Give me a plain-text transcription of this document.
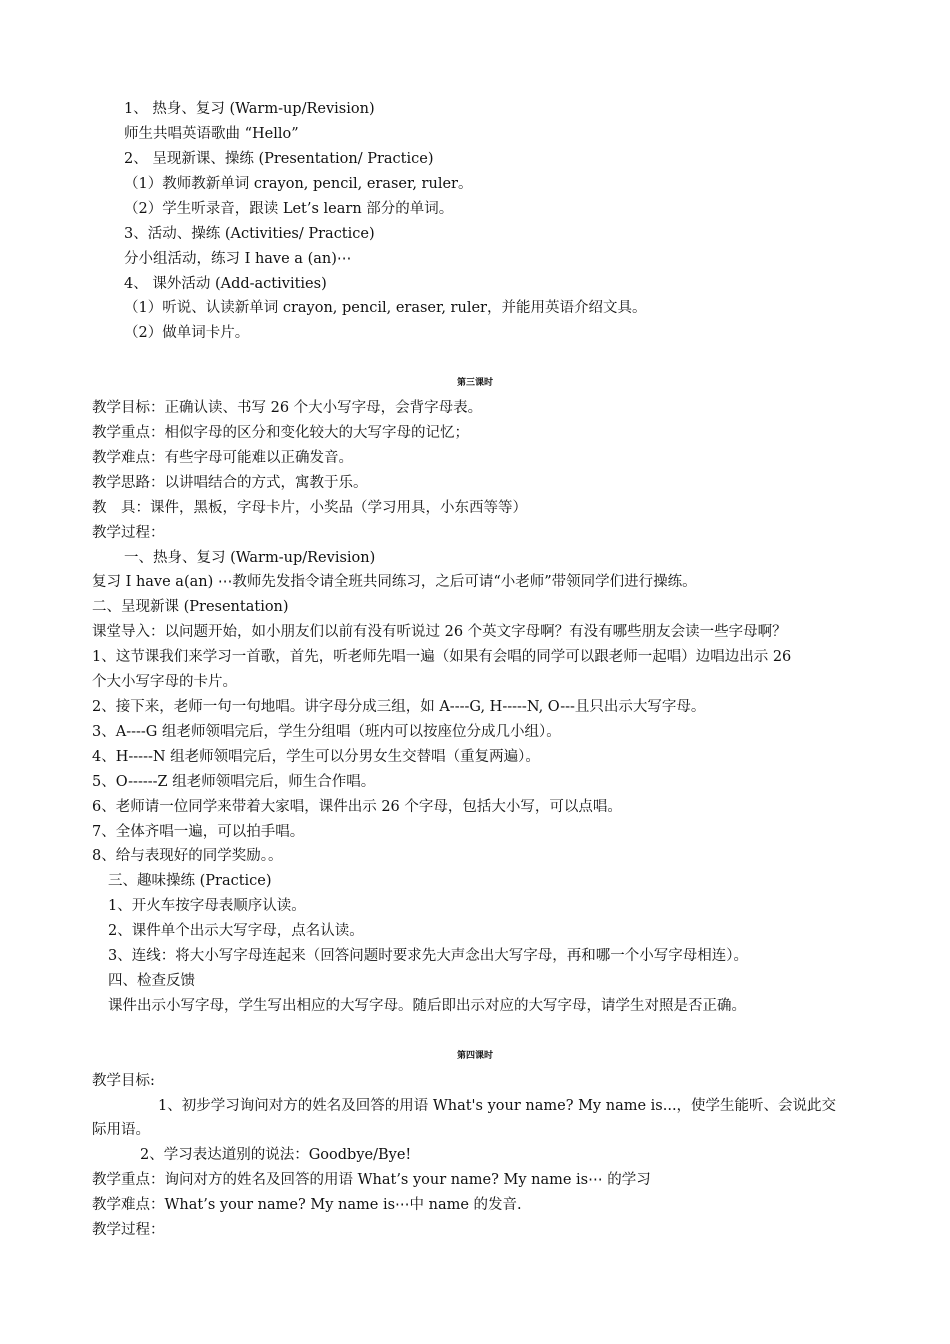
1、 热身、复习 (Warm-up/Revision)
师生共唱英语歌曲 “Hello”
2、 呈现新课、操练 (Presentation/ Practice)
（1）教师教新单词 crayon, pencil, eraser, ruler。
（2）学生听录音，跟读 Let’s learn 部分的单词。
3、活动、操练 (Activities/ Practice)
分小组活动，练习 I have a (an)⋯
4、 课外活动 (Add-activities)
（1）听说、认读新单词 crayon, pencil, eraser, ruler，并能用英语介绍文具。
（2）做单词卡片。
第三课时
教学目标：正确认读、书写 26 个大小写字母，会背字母表。
教学重点：相似字母的区分和变化较大的大写字母的记忆；
教学难点：有些字母可能难以正确发音。
教学思路：以讲唱结合的方式，寓教于乐。
教　具：课件，黑板，字母卡片，小奖品（学习用具，小东西等等）
教学过程：
一、热身、复习 (Warm-up/Revision)
复习 I have a(an) ⋯教师先发指令请全班共同练习，之后可请“小老师”带领同学们进行操练。
二、呈现新课 (Presentation)
课堂导入：以问题开始，如小朋友们以前有没有听说过 26 个英文字母啊？有没有哪些朋友会读一些字母啊？
1、这节课我们来学习一首歌，首先，听老师先唱一遍（如果有会唱的同学可以跟老师一起唱）边唱边出示 26
个大小写字母的卡片。
2、接下来，老师一句一句地唱。讲字母分成三组，如 A----G, H-----N, O---且只出示大写字母。
3、A----G 组老师领唱完后，学生分组唱（班内可以按座位分成几小组）。
4、H-----N 组老师领唱完后，学生可以分男女生交替唱（重复两遍）。
5、O------Z 组老师领唱完后，师生合作唱。
6、老师请一位同学来带着大家唱，课件出示 26 个字母，包括大小写，可以点唱。
7、全体齐唱一遍，可以拍手唱。
8、给与表现好的同学奖励。。
三、趣味操练 (Practice)
1、开火车按字母表顺序认读。
2、课件单个出示大写字母，点名认读。
3、连线：将大小写字母连起来（回答问题时要求先大声念出大写字母，再和哪一个小写字母相连）。
四、检查反馈
课件出示小写字母，学生写出相应的大写字母。随后即出示对应的大写字母，请学生对照是否正确。
第四课时
教学目标:
1、初步学习询问对方的姓名及回答的用语 What's your name? My name is...，使学生能听、会说此交
际用语。
2、学习表达道别的说法：Goodbye/Bye!
教学重点：询问对方的姓名及回答的用语 What’s your name? My name is⋯ 的学习
教学难点：What’s your name? My name is⋯中 name 的发音.
教学过程：
